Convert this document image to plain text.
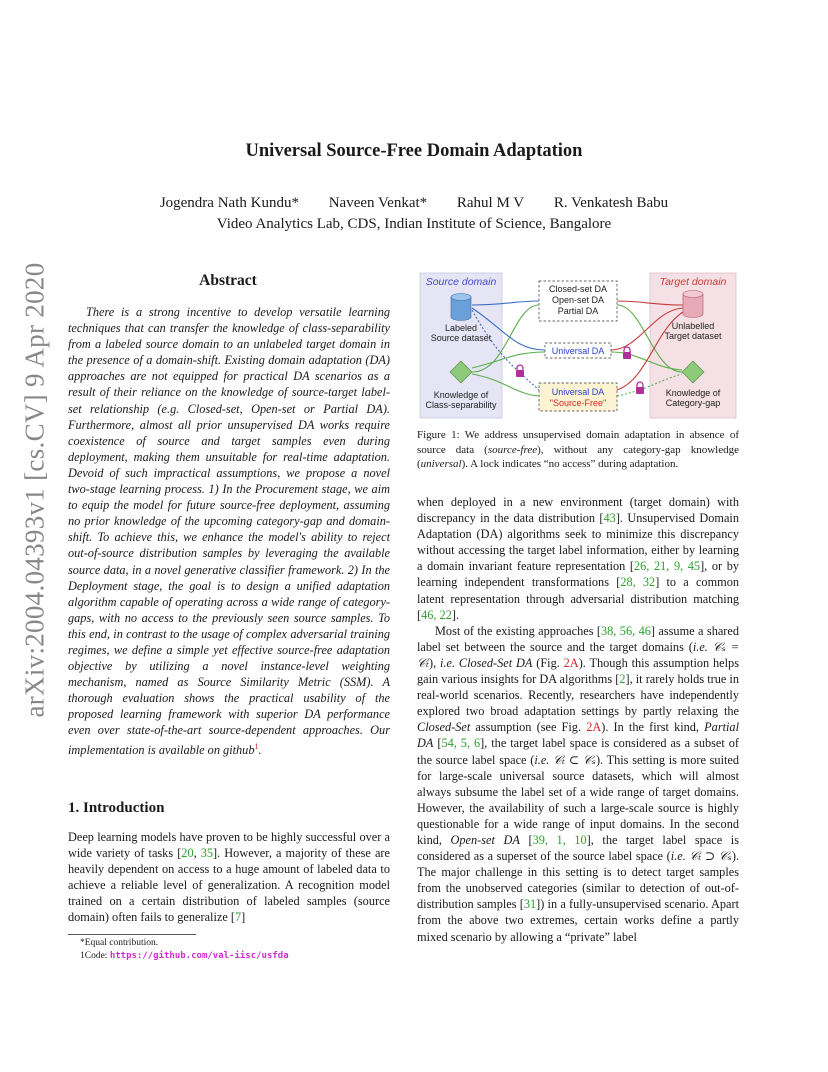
arXiv:2004.04393v1 [cs.CV] 9 Apr 2020
Universal Source-Free Domain Adaptation
Jogendra Nath Kundu* Naveen Venkat* Rahul M V R. Venkatesh Babu
Video Analytics Lab, CDS, Indian Institute of Science, Bangalore
Abstract

There is a strong incentive to develop versatile learning techniques that can transfer the knowledge of class-separability from a labeled source domain to an unlabeled target domain in the presence of a domain-shift. Existing domain adaptation (DA) approaches are not equipped for practical DA scenarios as a result of their reliance on the knowledge of source-target label-set relationship (e.g. Closed-set, Open-set or Partial DA). Furthermore, almost all prior unsupervised DA works require coexistence of source and target samples even during deployment, making them unsuitable for real-time adaptation. Devoid of such impractical assumptions, we propose a novel two-stage learning process. 1) In the Procurement stage, we aim to equip the model for future source-free deployment, assuming no prior knowledge of the upcoming category-gap and domain-shift. To achieve this, we enhance the model's ability to reject out-of-source distribution samples by leveraging the available source data, in a novel generative classifier framework. 2) In the Deployment stage, the goal is to design a unified adaptation algorithm capable of operating across a wide range of category-gaps, with no access to the previously seen source samples. To this end, in contrast to the usage of complex adversarial training regimes, we define a simple yet effective source-free adaptation objective by utilizing a novel instance-level weighting mechanism, named as Source Similarity Metric (SSM). A thorough evaluation shows the practical usability of the proposed learning framework with superior DA performance even over state-of-the-art source-dependent approaches. Our implementation is available on github$^1$.

1. Introduction

Deep learning models have proven to be highly successful over a wide variety of tasks [20, 35]. However, a majority of these are heavily dependent on access to a huge amount of labeled data to achieve a reliable level of generalization. A recognition model trained on a certain distribution of labeled samples (source domain) often fails to generalize [7]

*Equal contribution.
1Code: https://github.com/val-iisc/usfda
Source domain	Target domain
Labeled
Source dataset
Knowledge of
Class-separability
Unlabelled
Target dataset
Knowledge of
Category-gap
Closed-set DA
Open-set DA
Partial DA
Universal DA
Universal DA
"Source-Free"
Figure 1: We address unsupervised domain adaptation in absence of source data (source-free), without any category-gap knowledge (universal). A lock indicates “no access” during adaptation.

when deployed in a new environment (target domain) with discrepancy in the data distribution [43]. Unsupervised Domain Adaptation (DA) algorithms seek to minimize this discrepancy without accessing the target label information, either by learning a domain invariant feature representation [26, 21, 9, 45], or by learning independent transformations [28, 32] to a common latent representation through adversarial distribution matching [46, 22].

Most of the existing approaches [38, 56, 46] assume a shared label set between the source and the target domains (i.e. 𝒞ₛ = 𝒞ₜ), i.e. Closed-Set DA (Fig. 2A). Though this assumption helps gain various insights for DA algorithms [2], it rarely holds true in real-world scenarios. Recently, researchers have independently explored two broad adaptation settings by partly relaxing the Closed-Set assumption (see Fig. 2A). In the first kind, Partial DA [54, 5, 6], the target label space is considered as a subset of the source label space (i.e. 𝒞ₜ ⊂ 𝒞ₛ). This setting is more suited for large-scale universal source datasets, which will almost always subsume the label set of a wide range of target domains. However, the availability of such a large-scale source is highly questionable for a wide range of input domains. In the second kind, Open-set DA [39, 1, 10], the target label space is considered as a superset of the source label space (i.e. 𝒞ₜ ⊃ 𝒞ₛ). The major challenge in this setting is to detect target samples from the unobserved categories (similar to detection of out-of-distribution samples [31]) in a fully-unsupervised scenario. Apart from the above two extremes, certain works define a partly mixed scenario by allowing a “private” label
